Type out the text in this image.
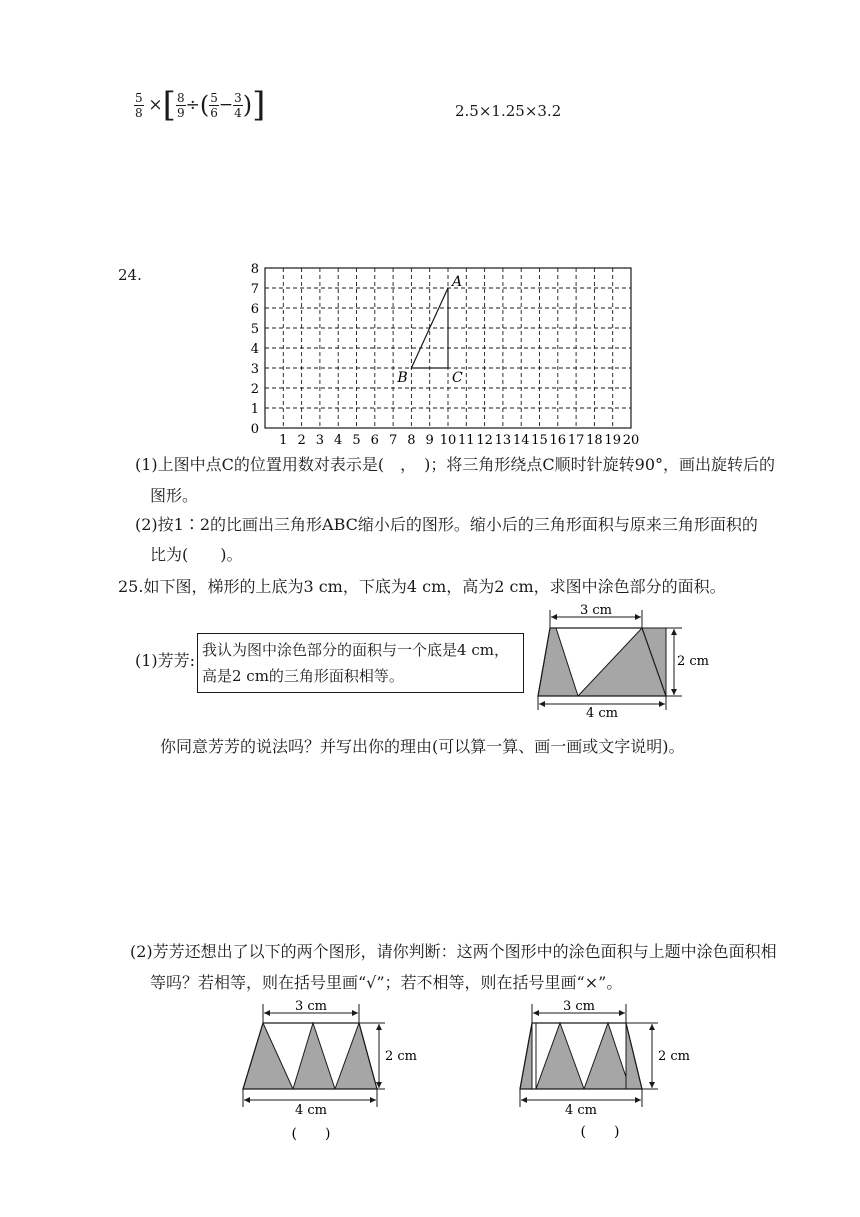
$\frac{5}{8}$ ×[ $\frac{8}{9}$ ÷( $\frac{5}{6} - \frac{3}{4}$ )]	2.5×1.25×3.2
24.
0
1
2
3
4
5
6
7
8
1 2 3 4 5 6 7 8 9 10 11 12 13 14 15 16 17 18 19 20
A
B	C
(1)上图中点C的位置用数对表示是(　，　)；将三角形绕点C顺时针旋转90°，画出旋转后的
图形。
(2)按1∶2的比画出三角形ABC缩小后的图形。缩小后的三角形面积与原来三角形面积的
比为(　　)。
25.如下图，梯形的上底为3 cm，下底为4 cm，高为2 cm，求图中涂色部分的面积。
(1)芳芳:
我认为图中涂色部分的面积与一个底是4 cm，
高是2 cm的三角形面积相等。
3 cm
2 cm
4 cm
你同意芳芳的说法吗？并写出你的理由(可以算一算、画一画或文字说明)。
(2)芳芳还想出了以下的两个图形，请你判断：这两个图形中的涂色面积与上题中涂色面积相
等吗？若相等，则在括号里画“√”；若不相等，则在括号里画“×”。
3 cm
2 cm
4 cm
(　　)
3 cm
2 cm
4 cm
(　　)
